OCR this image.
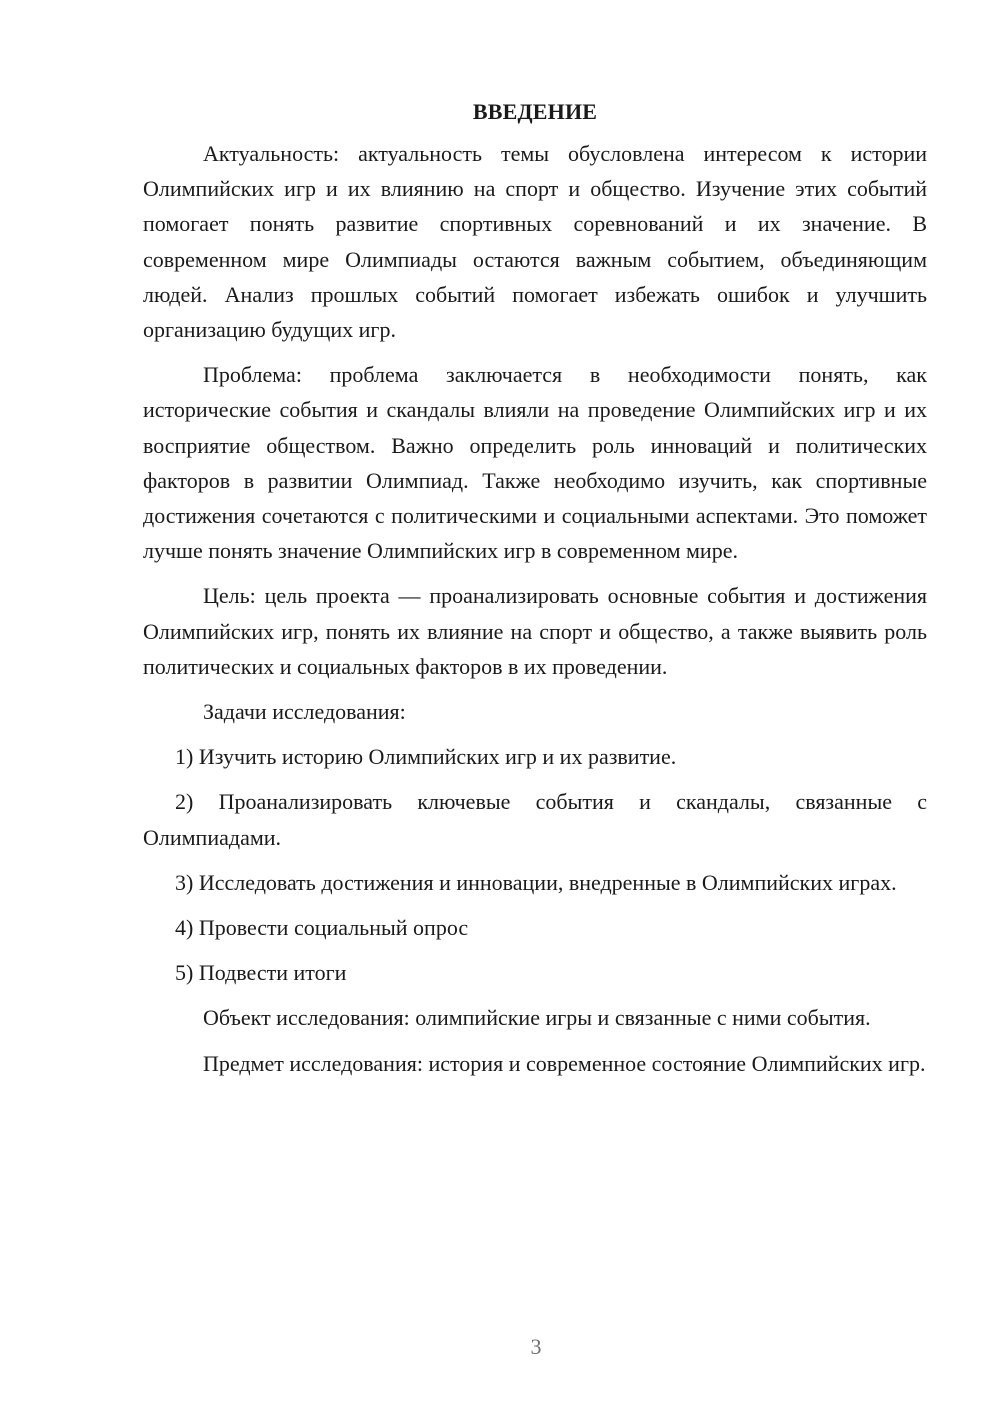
ВВЕДЕНИЕ

Актуальность: актуальность темы обусловлена интересом к истории Олимпийских игр и их влиянию на спорт и общество. Изучение этих событий помогает понять развитие спортивных соревнований и их значение. В современном мире Олимпиады остаются важным событием, объединяющим людей. Анализ прошлых событий помогает избежать ошибок и улучшить организацию будущих игр.

Проблема: проблема заключается в необходимости понять, как исторические события и скандалы влияли на проведение Олимпийских игр и их восприятие обществом. Важно определить роль инноваций и политических факторов в развитии Олимпиад. Также необходимо изучить, как спортивные достижения сочетаются с политическими и социальными аспектами. Это поможет лучше понять значение Олимпийских игр в современном мире.

Цель: цель проекта — проанализировать основные события и достижения Олимпийских игр, понять их влияние на спорт и общество, а также выявить роль политических и социальных факторов в их проведении.

Задачи исследования:

1) Изучить историю Олимпийских игр и их развитие.

2) Проанализировать ключевые события и скандалы, связанные с Олимпиадами.

3) Исследовать достижения и инновации, внедренные в Олимпийских играх.

4) Провести социальный опрос

5) Подвести итоги

Объект исследования: олимпийские игры и связанные с ними события.

Предмет исследования: история и современное состояние Олимпийских игр.

3
